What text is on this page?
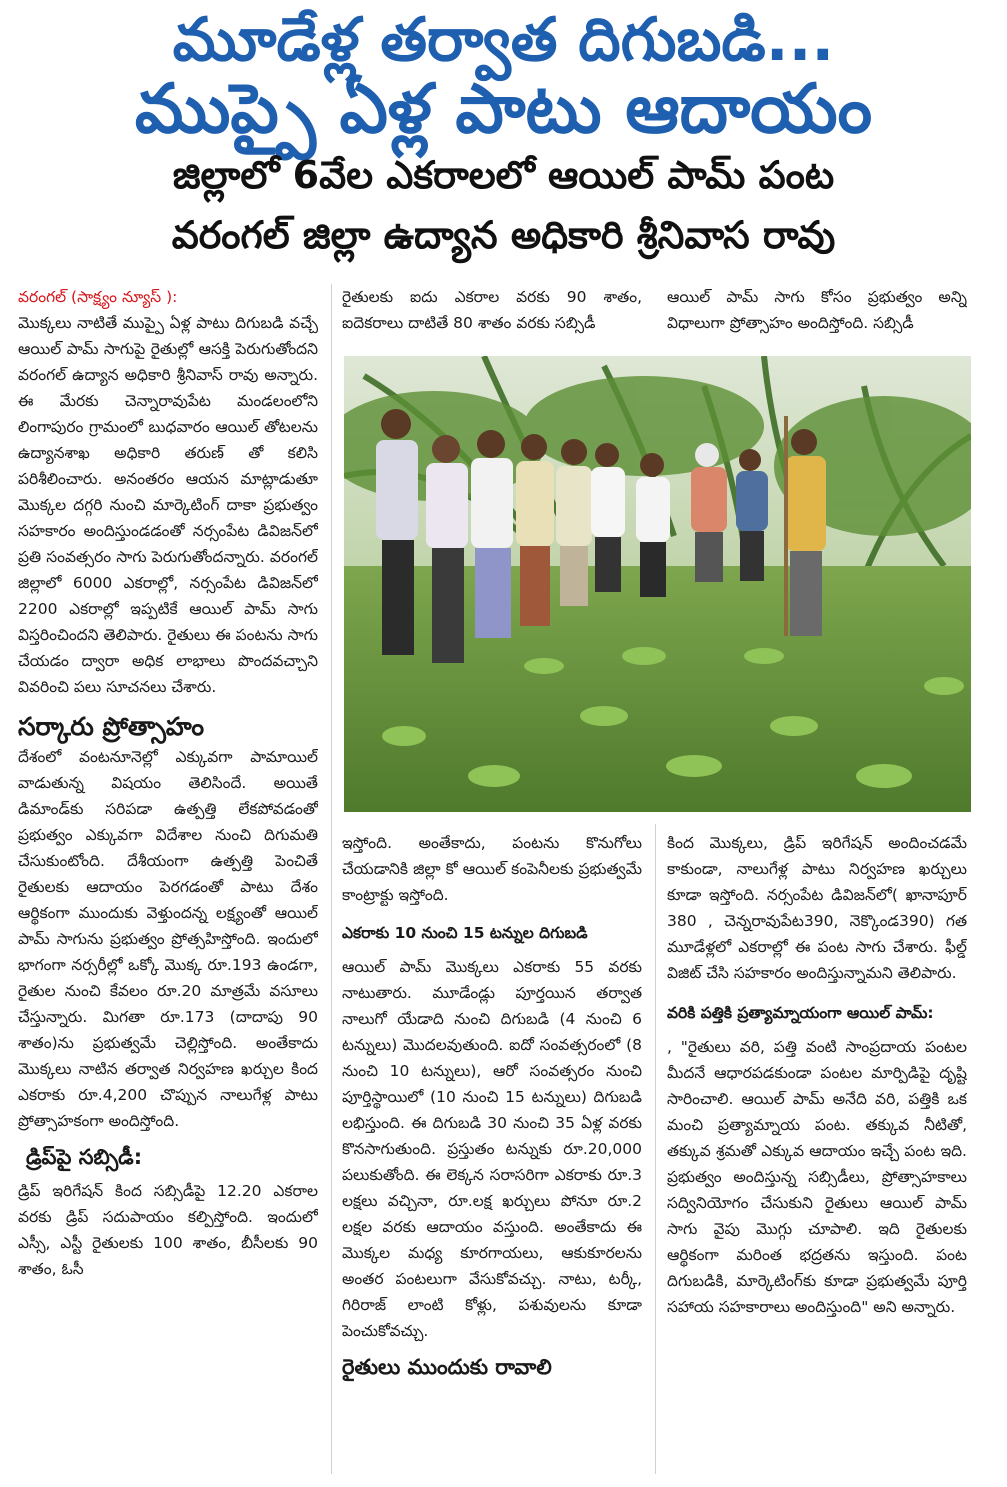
మూడేళ్ల తర్వాత దిగుబడి...
ముప్పై ఏళ్ల పాటు ఆదాయం
జిల్లాలో 6వేల ఎకరాలలో ఆయిల్ పామ్ పంట
వరంగల్ జిల్లా ఉద్యాన అధికారి శ్రీనివాస రావు

వరంగల్ (సాక్ష్యం న్యూస్ ):

మొక్కలు నాటితే ముప్పై ఏళ్ల పాటు దిగుబడి వచ్చే ఆయిల్ పామ్ సాగుపై రైతుల్లో ఆసక్తి పెరుగుతోందని వరంగల్ ఉద్యాన అధికారి శ్రీనివాస్ రావు అన్నారు. ఈ మేరకు చెన్నారావుపేట మండలంలోని లింగాపురం గ్రామంలో బుధవారం ఆయిల్ తోటలను ఉద్యానశాఖ అధికారి తరుణ్ తో కలిసి పరిశీలించారు. అనంతరం ఆయన మాట్లాడుతూ మొక్కల దగ్గరి నుంచి మార్కెటింగ్ దాకా ప్రభుత్వం సహకారం అందిస్తుండడంతో నర్సంపేట డివిజన్‌లో ప్రతి సంవత్సరం సాగు పెరుగుతోందన్నారు. వరంగల్ జిల్లాలో 6000 ఎకరాల్లో, నర్సంపేట డివిజన్‌లో 2200 ఎకరాల్లో ఇప్పటికే ఆయిల్ పామ్ సాగు విస్తరించిందని తెలిపారు. రైతులు ఈ పంటను సాగు చేయడం ద్వారా అధిక లాభాలు పొందవచ్చాని వివరించి పలు సూచనలు చేశారు.

సర్కారు ప్రోత్సాహం

దేశంలో వంటనూనెల్లో ఎక్కువగా పామాయిల్ వాడుతున్న విషయం తెలిసిందే. అయితే డిమాండ్‌కు సరిపడా ఉత్పత్తి లేకపోవడంతో ప్రభుత్వం ఎక్కువగా విదేశాల నుంచి దిగుమతి చేసుకుంటోంది. దేశీయంగా ఉత్పత్తి పెంచితే రైతులకు ఆదాయం పెరగడంతో పాటు దేశం ఆర్థికంగా ముందుకు వెళ్తుందన్న లక్ష్యంతో ఆయిల్ పామ్ సాగును ప్రభుత్వం ప్రోత్సహిస్తోంది. ఇందులో భాగంగా నర్సరీల్లో ఒక్కో మొక్క రూ.193 ఉండగా, రైతుల నుంచి కేవలం రూ.20 మాత్రమే వసూలు చేస్తున్నారు. మిగతా రూ.173 (దాదాపు 90 శాతం)ను ప్రభుత్వమే చెల్లిస్తోంది. అంతేకాదు మొక్కలు నాటిన తర్వాత నిర్వహణ ఖర్చుల కింద ఎకరాకు రూ.4,200 చొప్పున నాలుగేళ్ల పాటు ప్రోత్సాహకంగా అందిస్తోంది.

డ్రిప్‌పై సబ్సిడీ:

డ్రిప్ ఇరిగేషన్ కింద సబ్సిడీపై 12.20 ఎకరాల వరకు డ్రిప్ సదుపాయం కల్పిస్తోంది. ఇందులో ఎస్సీ, ఎస్టీ రైతులకు 100 శాతం, బీసీలకు 90 శాతం, ఓసీ

రైతులకు ఐదు ఎకరాల వరకు 90 శాతం, ఐదెకరాలు దాటితే 80 శాతం వరకు సబ్సిడీ

ఆయిల్ పామ్ సాగు కోసం ప్రభుత్వం అన్ని విధాలుగా ప్రోత్సాహం అందిస్తోంది. సబ్సిడీ

ఇస్తోంది. అంతేకాదు, పంటను కొనుగోలు చేయడానికి జిల్లా కో ఆయిల్ కంపెనీలకు ప్రభుత్వమే కాంట్రాక్టు ఇస్తోంది.

ఎకరాకు 10 నుంచి 15 టన్నుల దిగుబడి

ఆయిల్ పామ్ మొక్కలు ఎకరాకు 55 వరకు నాటుతారు. మూడేండ్లు పూర్తయిన తర్వాత నాలుగో యేడాది నుంచి దిగుబడి (4 నుంచి 6 టన్నులు) మొదలవుతుంది. ఐదో సంవత్సరంలో (8 నుంచి 10 టన్నులు), ఆరో సంవత్సరం నుంచి పూర్తిస్థాయిలో (10 నుంచి 15 టన్నులు) దిగుబడి లభిస్తుంది. ఈ దిగుబడి 30 నుంచి 35 ఏళ్ల వరకు కొనసాగుతుంది. ప్రస్తుతం టన్నుకు రూ.20,000 పలుకుతోంది. ఈ లెక్కన సరాసరిగా ఎకరాకు రూ.3 లక్షలు వచ్చినా, రూ.లక్ష ఖర్చులు పోనూ రూ.2 లక్షల వరకు ఆదాయం వస్తుంది. అంతేకాదు ఈ మొక్కల మధ్య కూరగాయలు, ఆకుకూరలను అంతర పంటలుగా వేసుకోవచ్చు. నాటు, టర్కీ, గిరిరాజ్ లాంటి కోళ్లు, పశువులను కూడా పెంచుకోవచ్చు.

రైతులు ముందుకు రావాలి

కింద మొక్కలు, డ్రిప్ ఇరిగేషన్ అందించడమే కాకుండా, నాలుగేళ్ల పాటు నిర్వహణ ఖర్చులు కూడా ఇస్తోంది. నర్సంపేట డివిజన్‌లో( ఖానాపూర్ 380 , చెన్నరావుపేట390, నెక్కొండ390) గత మూడేళ్లలో ఎకరాల్లో ఈ పంట సాగు చేశారు. ఫీల్డ్ విజిట్ చేసి సహకారం అందిస్తున్నామని తెలిపారు.

వరికి పత్తికి ప్రత్యామ్నాయంగా ఆయిల్ పామ్:

, "రైతులు వరి, పత్తి వంటి సాంప్రదాయ పంటల మీదనే ఆధారపడకుండా పంటల మార్పిడిపై దృష్టి సారించాలి. ఆయిల్ పామ్ అనేది వరి, పత్తికి ఒక మంచి ప్రత్యామ్నాయ పంట. తక్కువ నీటితో, తక్కువ శ్రమతో ఎక్కువ ఆదాయం ఇచ్చే పంట ఇది. ప్రభుత్వం అందిస్తున్న సబ్సిడీలు, ప్రోత్సాహకాలు సద్వినియోగం చేసుకుని రైతులు ఆయిల్ పామ్ సాగు వైపు మొగ్గు చూపాలి. ఇది రైతులకు ఆర్థికంగా మరింత భద్రతను ఇస్తుంది. పంట దిగుబడికి, మార్కెటింగ్‌కు కూడా ప్రభుత్వమే పూర్తి సహాయ సహకారాలు అందిస్తుంది" అని అన్నారు.
